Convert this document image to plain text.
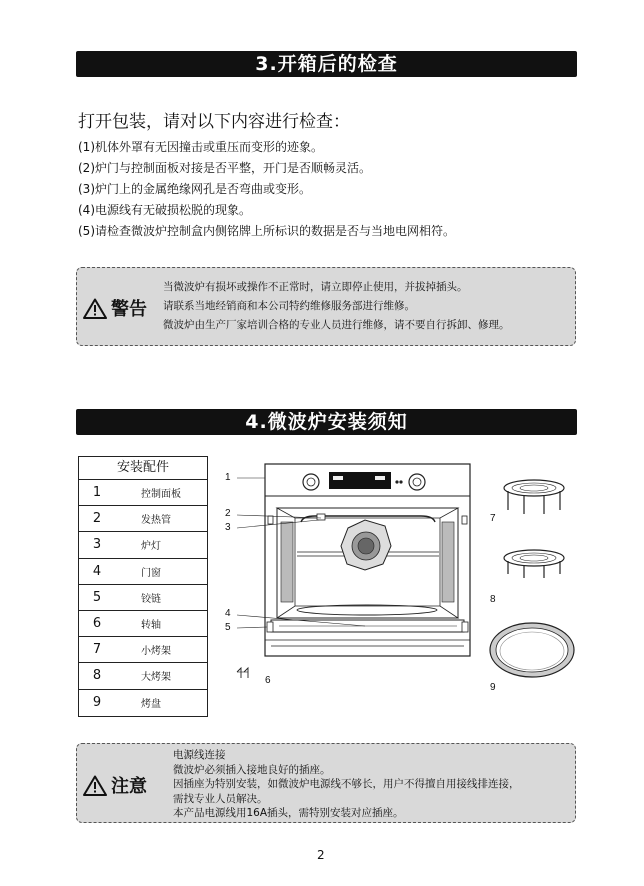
3.开箱后的检查
打开包装，请对以下内容进行检查：
(1)机体外罩有无因撞击或重压而变形的迹象。
(2)炉门与控制面板对接是否平整，开门是否顺畅灵活。
(3)炉门上的金属绝缘网孔是否弯曲或变形。
(4)电源线有无破损松脱的现象。
(5)请检查微波炉控制盒内侧铭牌上所标识的数据是否与当地电网相符。
警告
当微波炉有损坏或操作不正常时，请立即停止使用，并拔掉插头。
请联系当地经销商和本公司特约维修服务部进行维修。
微波炉由生产厂家培训合格的专业人员进行维修，请不要自行拆卸、修理。
4.微波炉安装须知
安装配件
1	控制面板
2	发热管
3	炉灯
4	门窗
5	铰链
6	转轴
7	小烤架
8	大烤架
9	烤盘
1
2
3
4
5
6
7
8
9
注意
电源线连接
微波炉必须插入接地良好的插座。
因插座为特别安装，如微波炉电源线不够长，用户不得擅自用接线排连接，
需找专业人员解决。
本产品电源线用16A插头，需特别安装对应插座。
2
